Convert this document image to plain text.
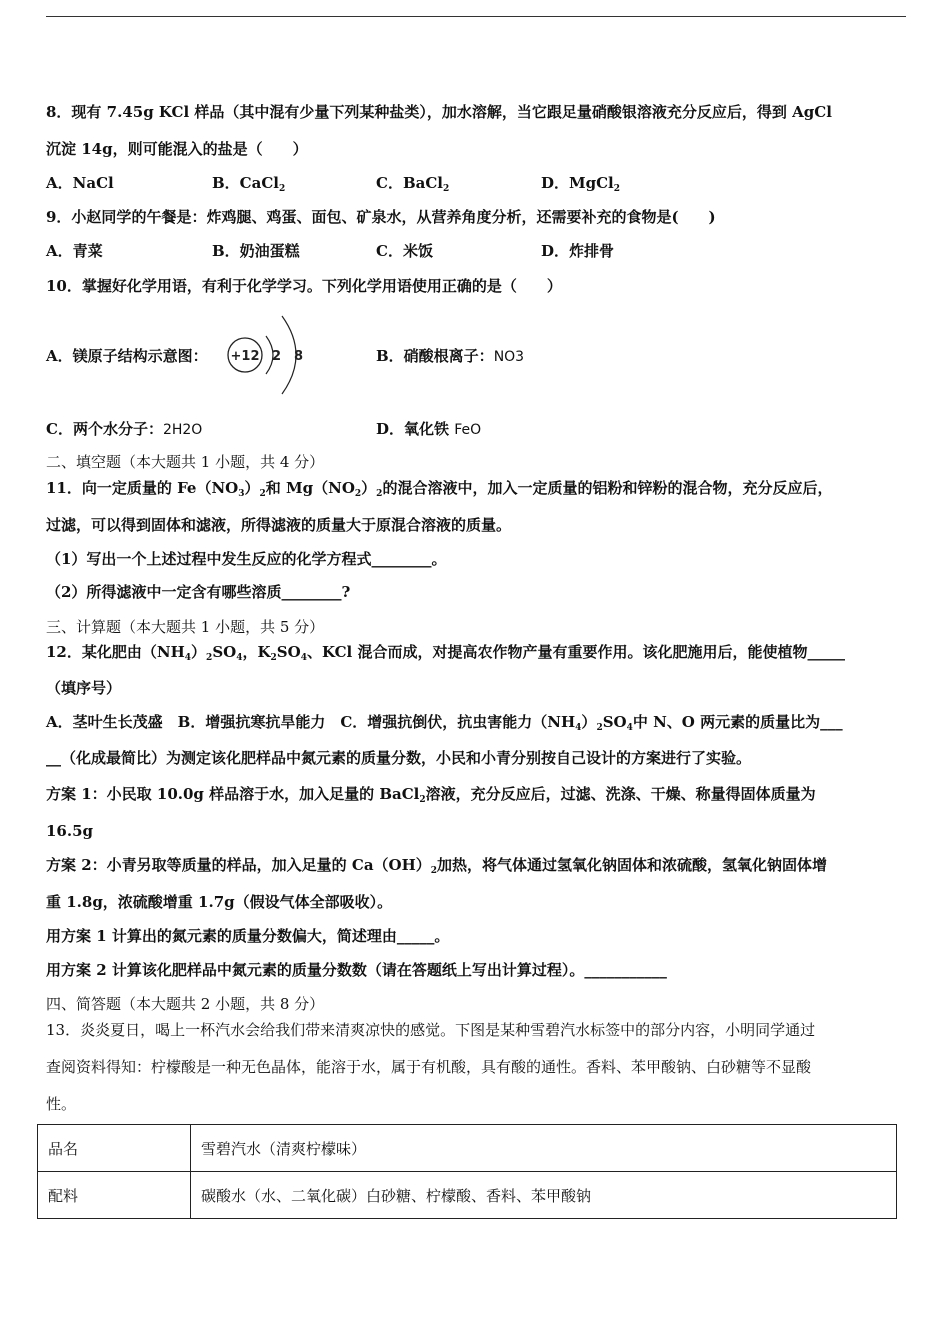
8．现有 7.45g KCl 样品（其中混有少量下列某种盐类），加水溶解，当它跟足量硝酸银溶液充分反应后，得到 AgCl
沉淀 14g，则可能混入的盐是（　　）
A．NaCl	B．CaCl$_2$	C．BaCl$_2$	D．MgCl$_2$
9．小赵同学的午餐是：炸鸡腿、鸡蛋、面包、矿泉水，从营养角度分析，还需要补充的食物是(　　)
A．青菜	B．奶油蛋糕	C．米饭	D．炸排骨
10．掌握好化学用语，有利于化学学习。下列化学用语使用正确的是（　　）
A．镁原子结构示意图： +12 2 8	B．硝酸根离子：NO3
C．两个水分子：2H2O	D．氧化铁 FeO
二、填空题（本大题共 1 小题，共 4 分）
11．向一定质量的 $Fe(NO_3)_2$和 $Mg(NO_2)_2$的混合溶液中，加入一定质量的铝粉和锌粉的混合物，充分反应后，
过滤，可以得到固体和滤液，所得滤液的质量大于原混合溶液的质量。
（1）写出一个上述过程中发生反应的化学方程式________。
（2）所得滤液中一定含有哪些溶质________?
三、计算题（本大题共 1 小题，共 5 分）
12．某化肥由$(NH_4)_2SO_4$，$K_2SO_4$、KCl 混合而成，对提高农作物产量有重要作用。该化肥施用后，能使植物_____
（填序号）
A．茎叶生长茂盛　B．增强抗寒抗旱能力　C．增强抗倒伏，抗虫害能力$(NH_4)_2SO_4$中 N、O 两元素的质量比为___
__（化成最简比）为测定该化肥样品中氮元素的质量分数，小民和小青分别按自己设计的方案进行了实验。
方案 1：小民取 10.0g 样品溶于水，加入足量的 BaCl$_2$溶液，充分反应后，过滤、洗涤、干燥、称量得固体质量为
16.5g
方案 2：小青另取等质量的样品，加入足量的 $Ca(OH)_2$加热，将气体通过氢氧化钠固体和浓硫酸，氢氧化钠固体增
重 1.8g，浓硫酸增重 1.7g（假设气体全部吸收）。
用方案 1 计算出的氮元素的质量分数偏大，简述理由_____。
用方案 2 计算该化肥样品中氮元素的质量分数数（请在答题纸上写出计算过程）。___________
四、简答题（本大题共 2 小题，共 8 分）
13．炎炎夏日，喝上一杯汽水会给我们带来清爽凉快的感觉。下图是某种雪碧汽水标签中的部分内容，小明同学通过
查阅资料得知：柠檬酸是一种无色晶体，能溶于水，属于有机酸，具有酸的通性。香料、苯甲酸钠、白砂糖等不显酸
性。
品名	雪碧汽水（清爽柠檬味）
配料	碳酸水（水、二氧化碳）白砂糖、柠檬酸、香料、苯甲酸钠
